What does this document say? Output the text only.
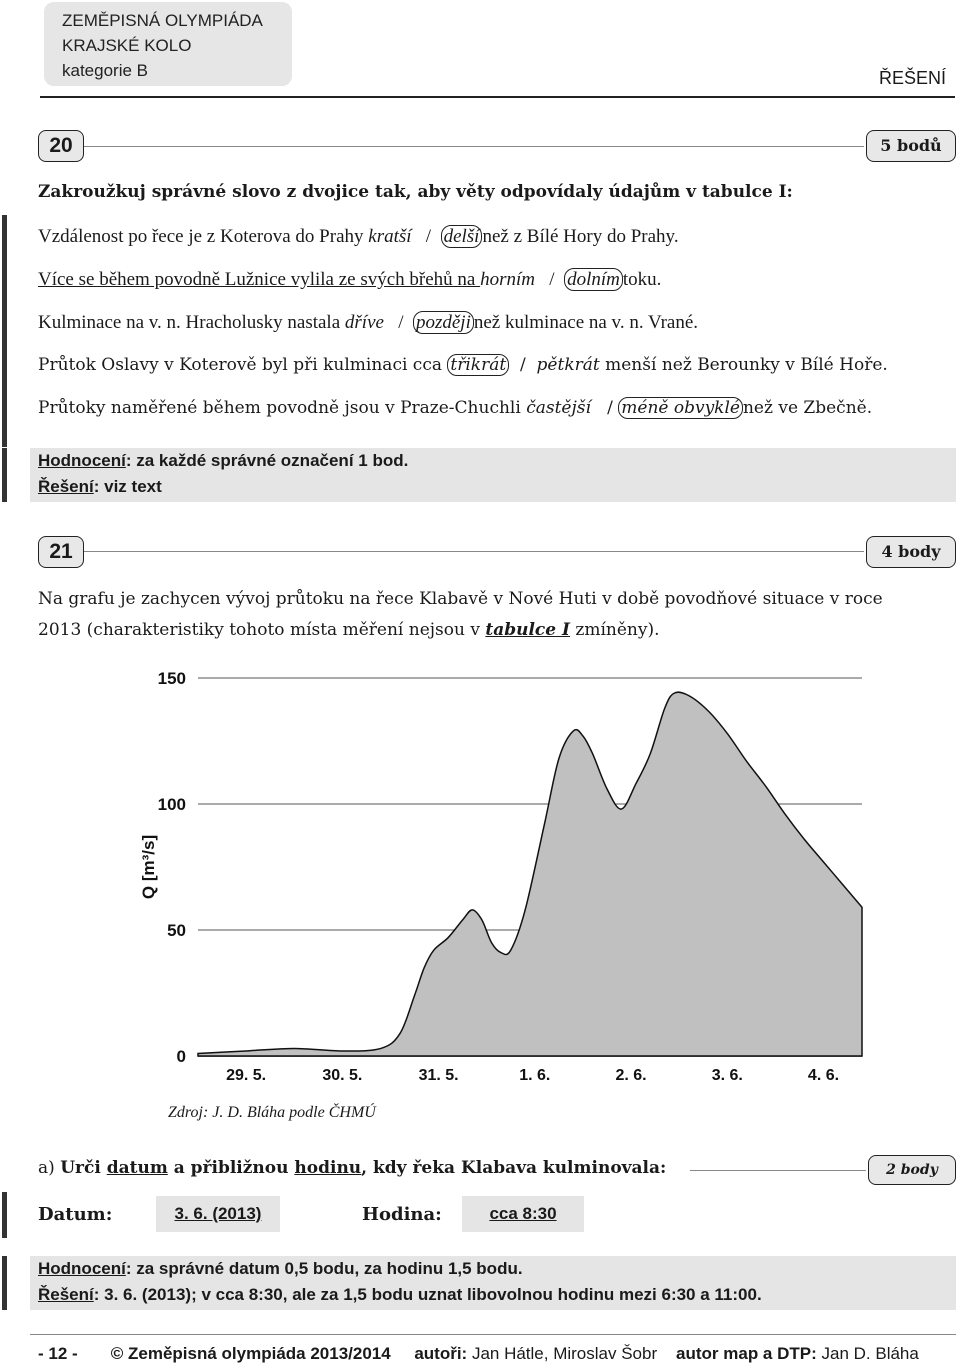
ZEMĚPISNÁ OLYMPIÁDA
KRAJSKÉ KOLO
kategorie B	ŘEŠENÍ
20	5 bodů
Zakroužkuj správné slovo z dvojice tak, aby věty odpovídaly údajům v tabulce I:
Vzdálenost po řece je z Koterova do Prahy kratší / delší než z Bílé Hory do Prahy.
Více se během povodně Lužnice vylila ze svých břehů na horním / dolním toku.
Kulminace na v. n. Hracholusky nastala dříve / později než kulminace na v. n. Vrané.
Průtok Oslavy v Koterově byl při kulminaci cca třikrát / pětkrát menší než Berounky v Bílé Hoře.
Průtoky naměřené během povodně jsou v Praze-Chuchli častější / méně obvyklé než ve Zbečně.
Hodnocení: za každé správné označení 1 bod.
Řešení: viz text
21	4 body
Na grafu je zachycen vývoj průtoku na řece Klabavě v Nové Huti v době povodňové situace v roce
2013 (charakteristiky tohoto místa měření nejsou v tabulce I zmíněny).
0
50
100
150
29. 5.	30. 5.	31. 5.	1. 6.	2. 6.	3. 6.	4. 6.
Q [m³/s]
Zdroj: J. D. Bláha podle ČHMÚ
a) Urči datum a přibližnou hodinu, kdy řeka Klabava kulminovala:	2 body
Datum:	3. 6. (2013)	Hodina:	cca 8:30
Hodnocení: za správné datum 0,5 bodu, za hodinu 1,5 bodu.
Řešení: 3. 6. (2013); v cca 8:30, ale za 1,5 bodu uznat libovolnou hodinu mezi 6:30 a 11:00.
- 12 - © Zeměpisná olympiáda 2013/2014 autoři: Jan Hátle, Miroslav Šobr autor map a DTP: Jan D. Bláha
